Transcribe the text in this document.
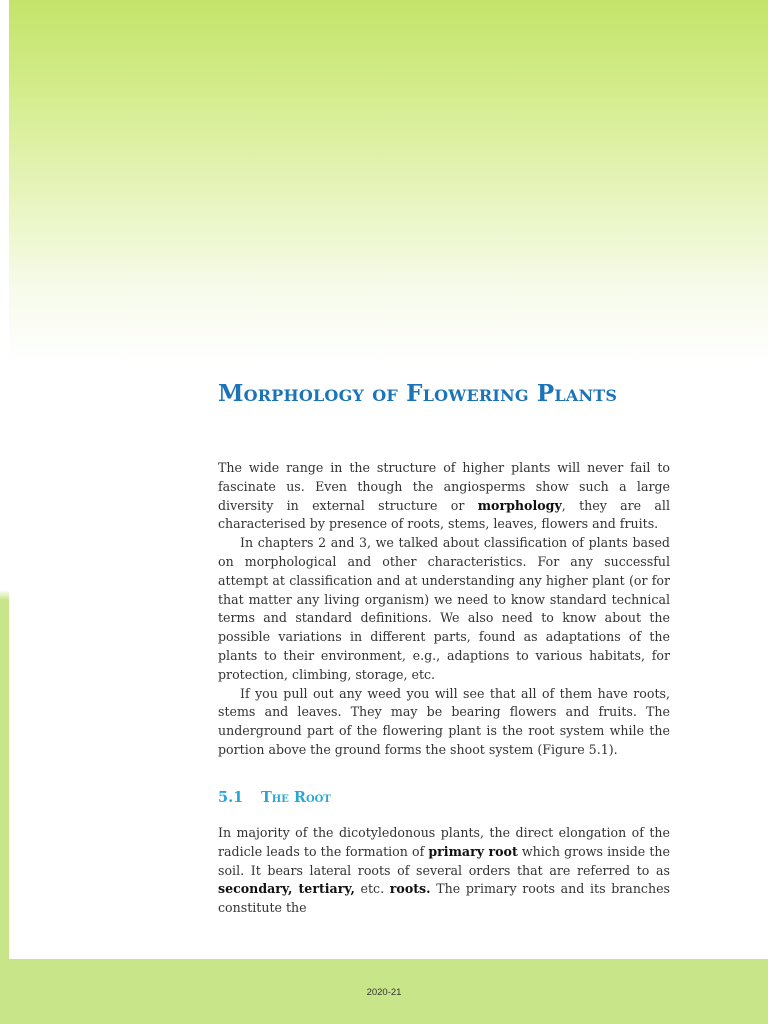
Morphology of Flowering Plants

The wide range in the structure of higher plants will never fail to fascinate us. Even though the angiosperms show such a large diversity in external structure or morphology, they are all characterised by presence of roots, stems, leaves, flowers and fruits.

In chapters 2 and 3, we talked about classification of plants based on morphological and other characteristics. For any successful attempt at classification and at understanding any higher plant (or for that matter any living organism) we need to know standard technical terms and standard definitions. We also need to know about the possible variations in different parts, found as adaptations of the plants to their environment, e.g., adaptions to various habitats, for protection, climbing, storage, etc.

If you pull out any weed you will see that all of them have roots, stems and leaves. They may be bearing flowers and fruits. The underground part of the flowering plant is the root system while the portion above the ground forms the shoot system (Figure 5.1).

5.1 The Root

In majority of the dicotyledonous plants, the direct elongation of the radicle leads to the formation of primary root which grows inside the soil. It bears lateral roots of several orders that are referred to as secondary, tertiary, etc. roots. The primary roots and its branches constitute the

2020-21
